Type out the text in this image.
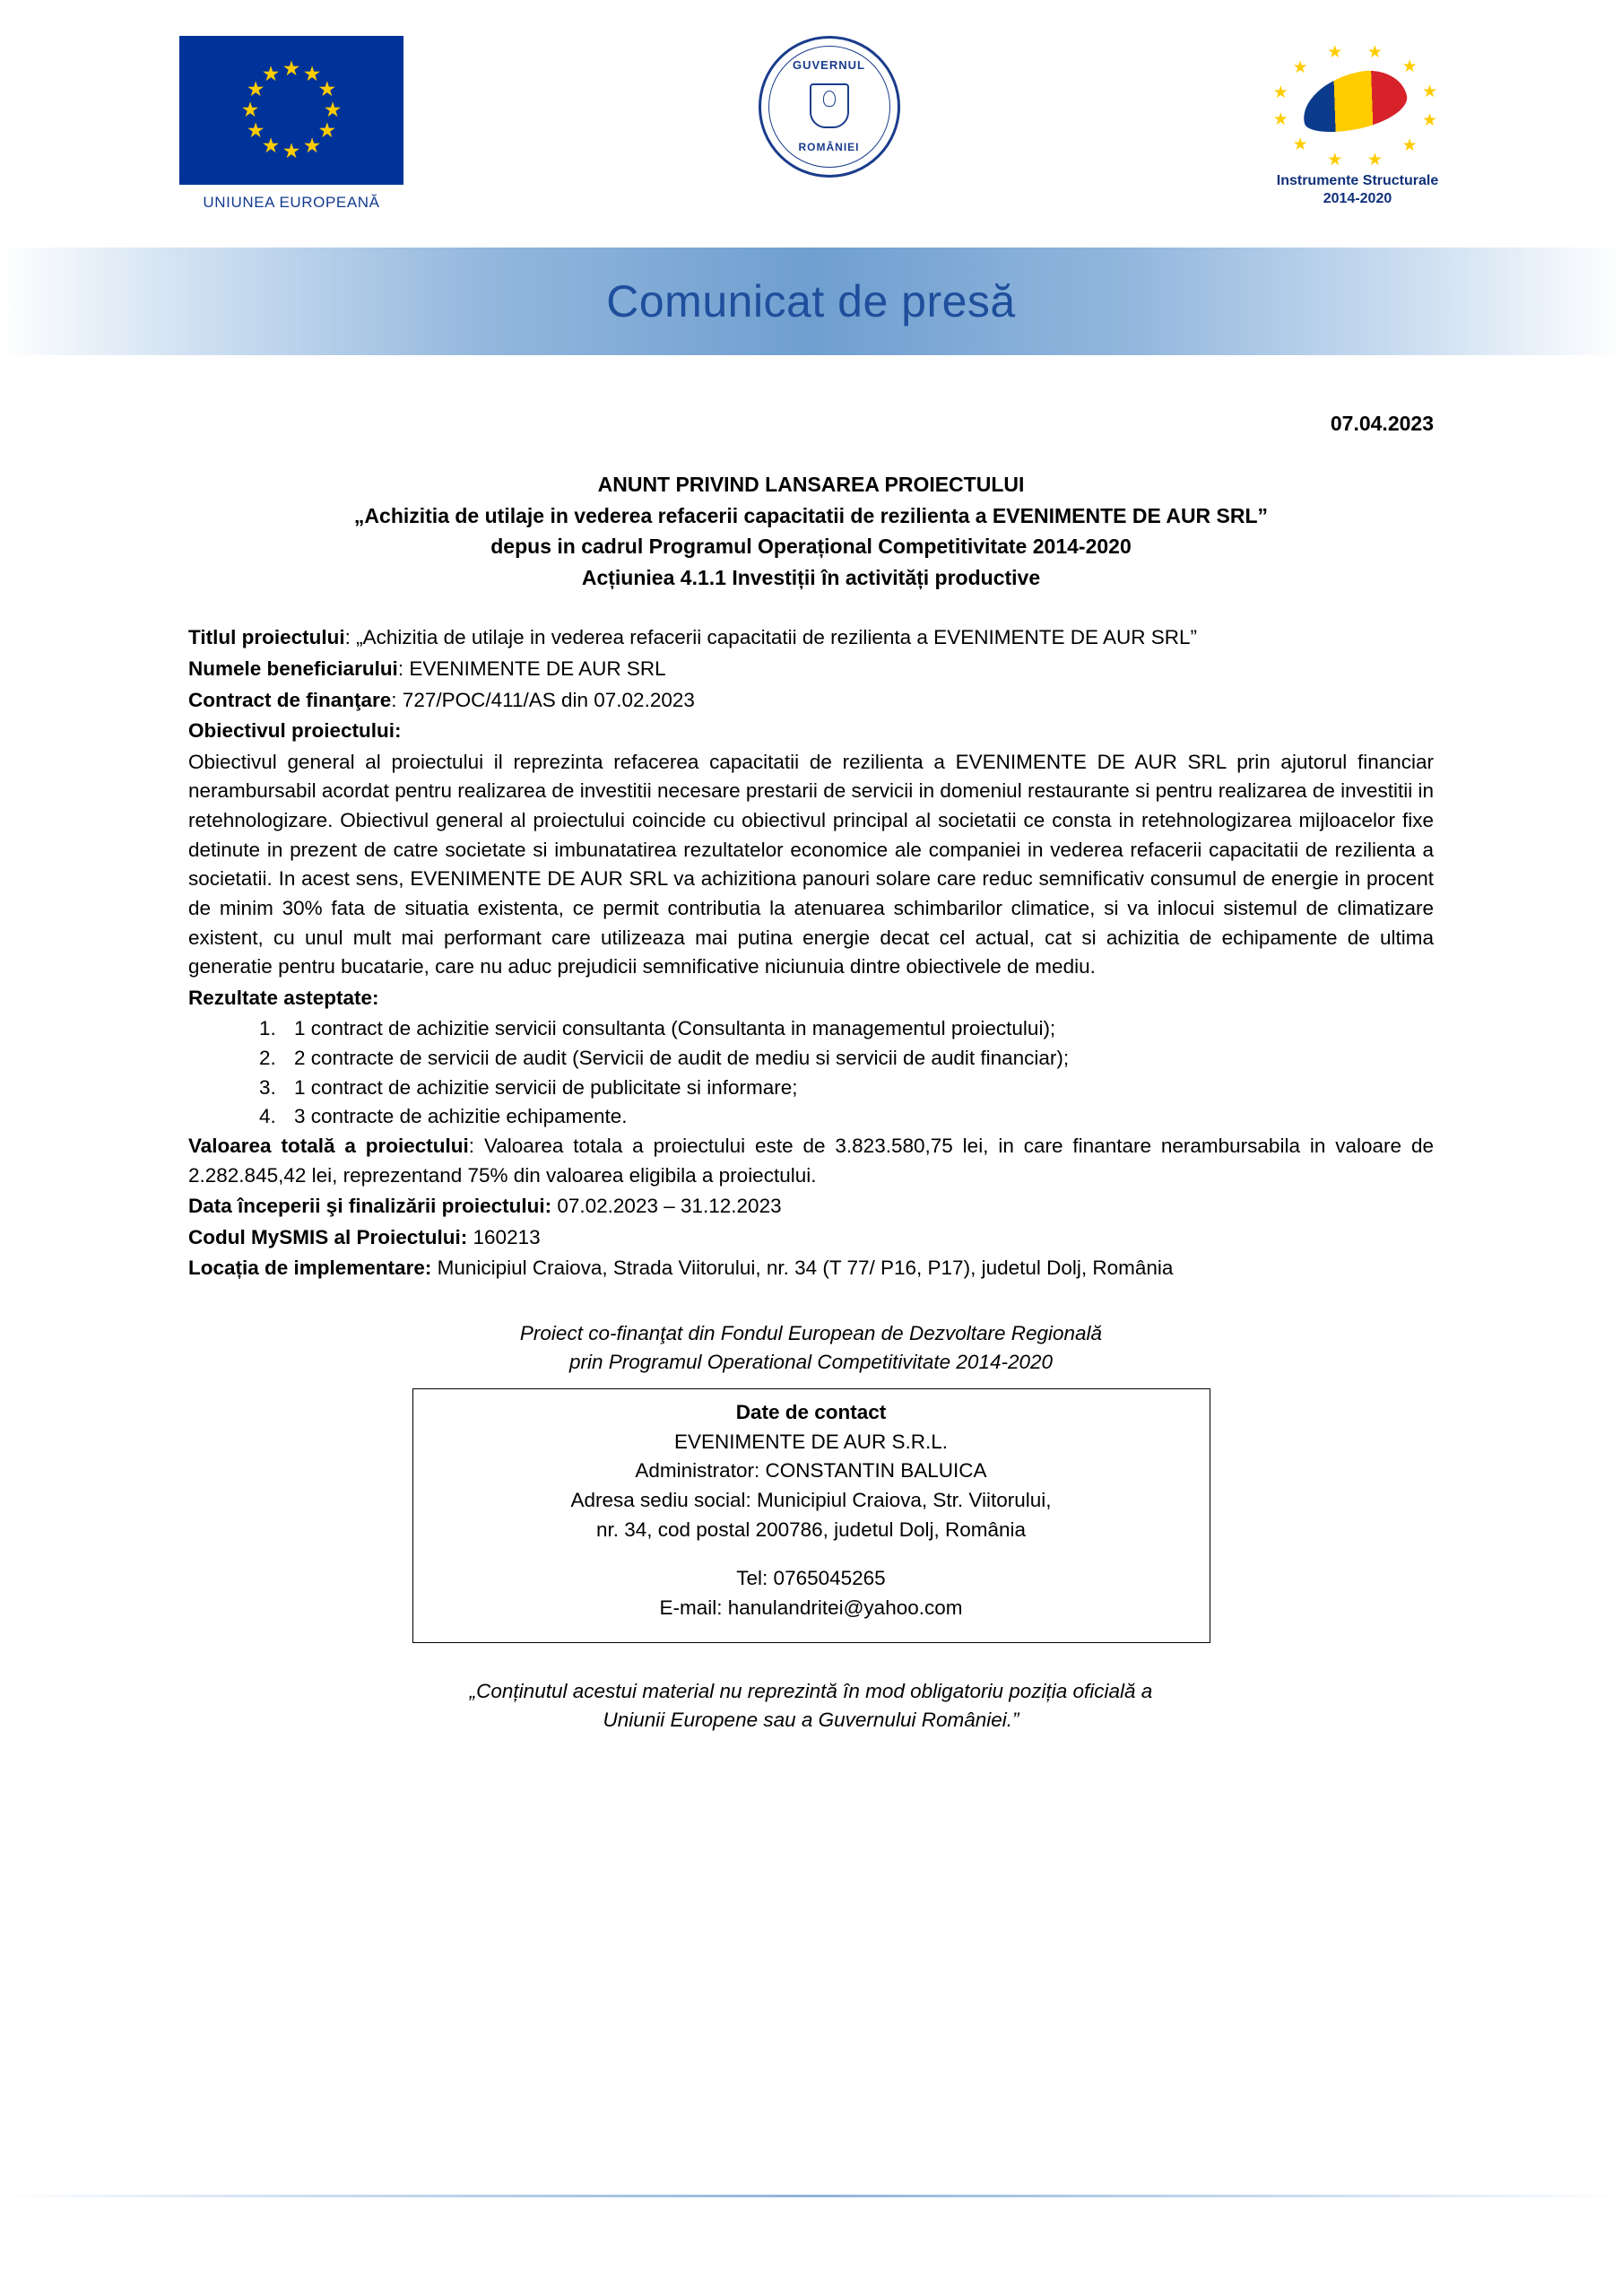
★ ★
★
★
★
★
★
★
★
★
★
★
UNIUNEA EUROPEANĂ
GUVERNUL
ROMÂNIEI
★
★
★ ★
★
★
★
★
★
★
★
★
Instrumente Structurale
2014-2020
Comunicat de presă
07.04.2023
ANUNT PRIVIND LANSAREA PROIECTULUI
„Achizitia de utilaje in vederea refacerii capacitatii de rezilienta a EVENIMENTE DE AUR SRL”
depus in cadrul Programul Operațional Competitivitate 2014-2020
Acțiuniea 4.1.1 Investiții în activități productive

Titlul proiectului: „Achizitia de utilaje in vederea refacerii capacitatii de rezilienta a EVENIMENTE DE AUR SRL”

Numele beneficiarului: EVENIMENTE DE AUR SRL

Contract de finanţare: 727/POC/411/AS din 07.02.2023

Obiectivul proiectului:

Obiectivul general al proiectului il reprezinta refacerea capacitatii de rezilienta a EVENIMENTE DE AUR SRL prin ajutorul financiar nerambursabil acordat pentru realizarea de investitii necesare prestarii de servicii in domeniul restaurante si pentru realizarea de investitii in retehnologizare. Obiectivul general al proiectului coincide cu obiectivul principal al societatii ce consta in retehnologizarea mijloacelor fixe detinute in prezent de catre societate si imbunatatirea rezultatelor economice ale companiei in vederea refacerii capacitatii de rezilienta a societatii. In acest sens, EVENIMENTE DE AUR SRL va achizitiona panouri solare care reduc semnificativ consumul de energie in procent de minim 30% fata de situatia existenta, ce permit contributia la atenuarea schimbarilor climatice, si va inlocui sistemul de climatizare existent, cu unul mult mai performant care utilizeaza mai putina energie decat cel actual, cat si achizitia de echipamente de ultima generatie pentru bucatarie, care nu aduc prejudicii semnificative niciunuia dintre obiectivele de mediu.

Rezultate asteptate:

1. 1 contract de achizitie servicii consultanta (Consultanta in managementul proiectului);
2. 2 contracte de servicii de audit (Servicii de audit de mediu si servicii de audit financiar);
3. 1 contract de achizitie servicii de publicitate si informare;
4. 3 contracte de achizitie echipamente.

Valoarea totală a proiectului: Valoarea totala a proiectului este de 3.823.580,75 lei, in care finantare nerambursabila in valoare de 2.282.845,42 lei, reprezentand 75% din valoarea eligibila a proiectului.

Data începerii şi finalizării proiectului: 07.02.2023 – 31.12.2023

Codul MySMIS al Proiectului: 160213

Locația de implementare: Municipiul Craiova, Strada Viitorului, nr. 34 (T 77/ P16, P17), judetul Dolj, România

Proiect co-finanţat din Fondul European de Dezvoltare Regională
prin Programul Operational Competitivitate 2014-2020
Date de contact
EVENIMENTE DE AUR S.R.L.
Administrator: CONSTANTIN BALUICA
Adresa sediu social: Municipiul Craiova, Str. Viitorului,
nr. 34, cod postal 200786, judetul Dolj, România
Tel: 0765045265
E-mail: hanulandritei@yahoo.com
„Conținutul acestui material nu reprezintă în mod obligatoriu poziția oficială a
Uniunii Europene sau a Guvernului României.”
